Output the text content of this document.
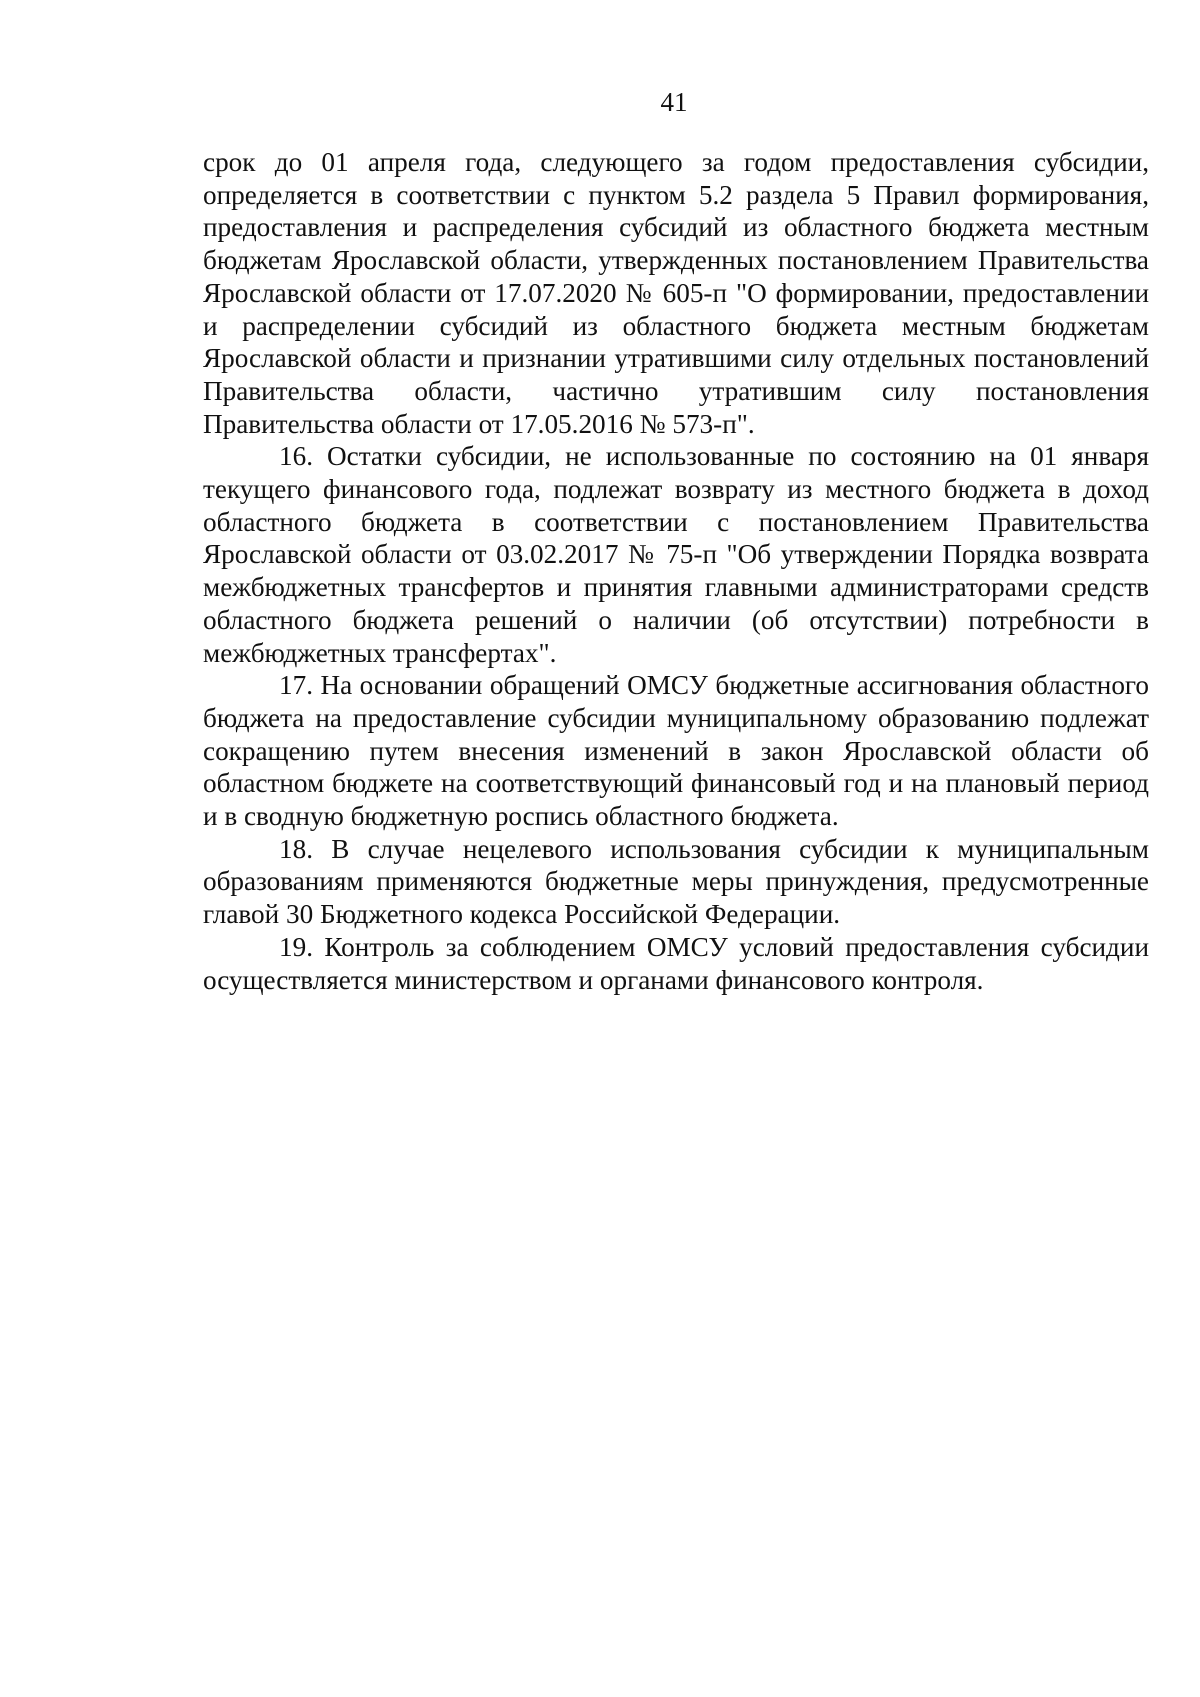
41

срок до 01 апреля года, следующего за годом предоставления субсидии, определяется в соответствии с пунктом 5.2 раздела 5 Правил формирования, предоставления и распределения субсидий из областного бюджета местным бюджетам Ярославской области, утвержденных постановлением Правительства Ярославской области от 17.07.2020 № 605-п "О формировании, предоставлении и распределении субсидий из областного бюджета местным бюджетам Ярославской области и признании утратившими силу отдельных постановлений Правительства области, частично утратившим силу постановления Правительства области от 17.05.2016 № 573-п".

16. Остатки субсидии, не использованные по состоянию на 01 января текущего финансового года, подлежат возврату из местного бюджета в доход областного бюджета в соответствии с постановлением Правительства Ярославской области от 03.02.2017 № 75-п "Об утверждении Порядка возврата межбюджетных трансфертов и принятия главными администраторами средств областного бюджета решений о наличии (об отсутствии) потребности в межбюджетных трансфертах".

17. На основании обращений ОМСУ бюджетные ассигнования областного бюджета на предоставление субсидии муниципальному образованию подлежат сокращению путем внесения изменений в закон Ярославской области об областном бюджете на соответствующий финансовый год и на плановый период и в сводную бюджетную роспись областного бюджета.

18. В случае нецелевого использования субсидии к муниципальным образованиям применяются бюджетные меры принуждения, предусмотренные главой 30 Бюджетного кодекса Российской Федерации.

19. Контроль за соблюдением ОМСУ условий предоставления субсидии осуществляется министерством и органами финансового контроля.
